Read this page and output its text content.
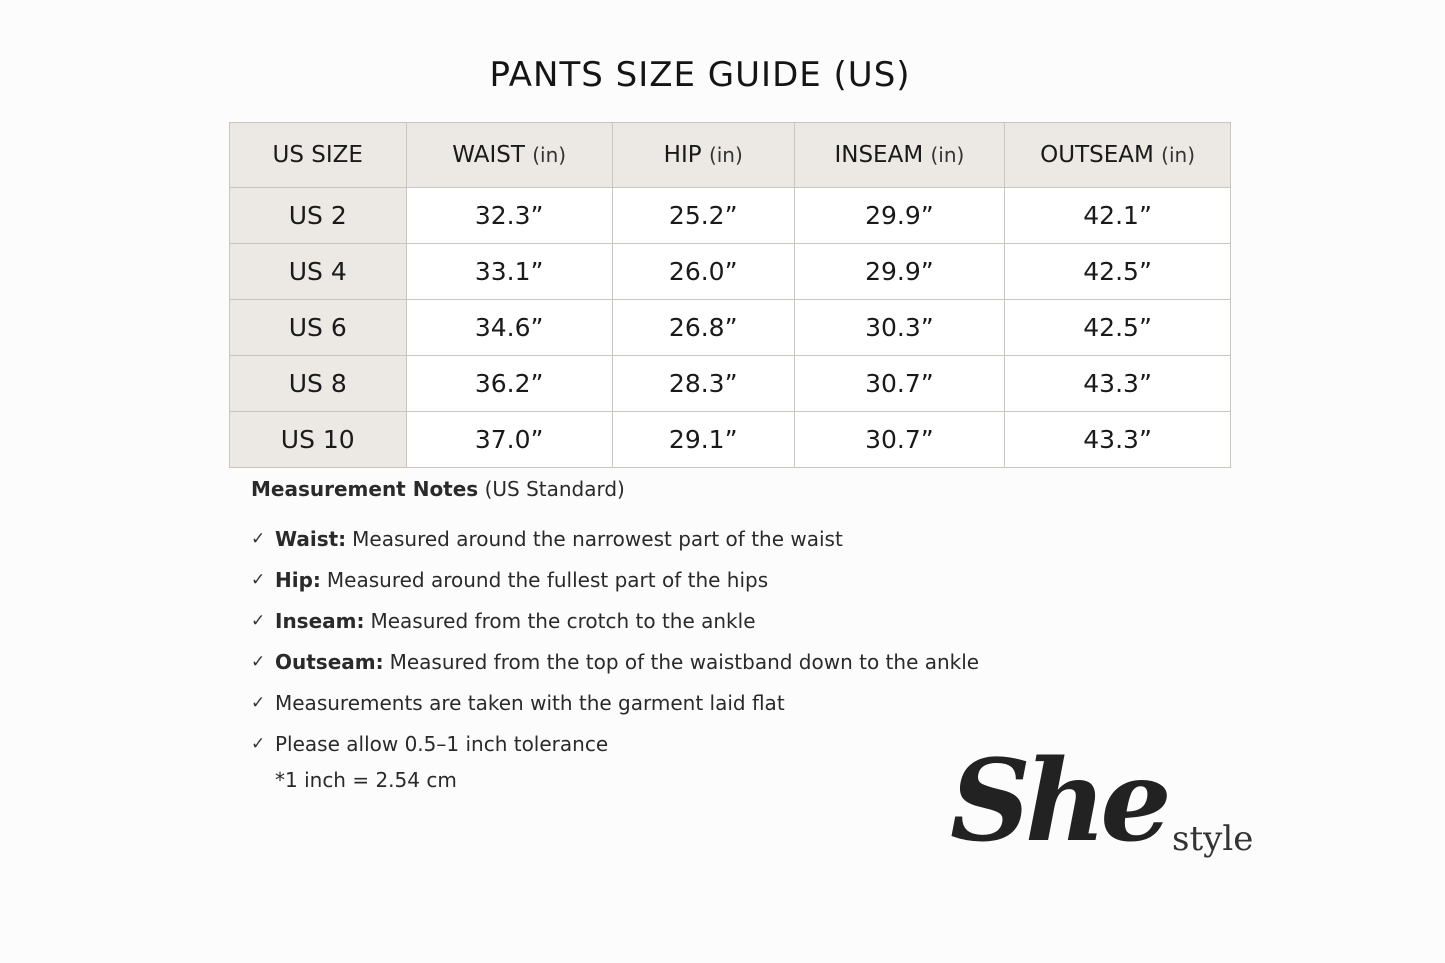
PANTS SIZE GUIDE (US)
US SIZE	WAIST (in)	HIP (in)	INSEAM (in)	OUTSEAM (in)
US 2	32.3”	25.2”	29.9”	42.1”
US 4	33.1”	26.0”	29.9”	42.5”
US 6	34.6”	26.8”	30.3”	42.5”
US 8	36.2”	28.3”	30.7”	43.3”
US 10	37.0”	29.1”	30.7”	43.3”
Measurement Notes (US Standard)
✓ Waist: Measured around the narrowest part of the waist
✓ Hip: Measured around the fullest part of the hips
✓ Inseam: Measured from the crotch to the ankle
✓ Outseam: Measured from the top of the waistband down to the ankle
✓ Measurements are taken with the garment laid flat
✓ Please allow 0.5–1 inch tolerance
*1 inch = 2.54 cm	She style
